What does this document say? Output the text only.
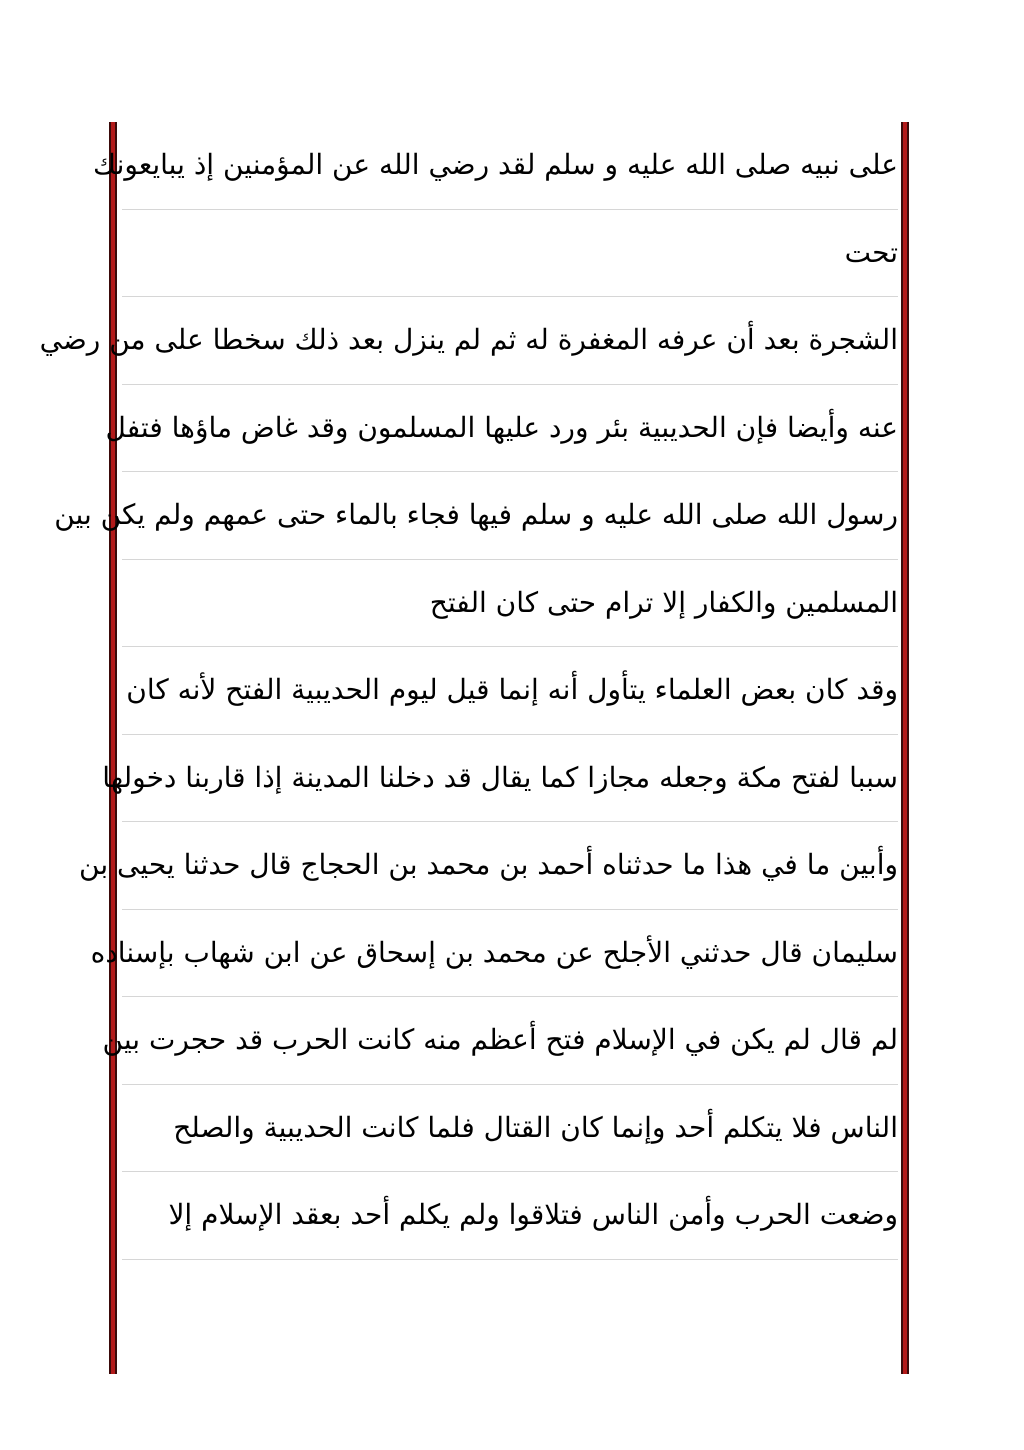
على نبيه صلى الله عليه و سلم لقد رضي الله عن المؤمنين إذ يبايعونك
تحت
الشجرة بعد أن عرفه المغفرة له ثم لم ينزل بعد ذلك سخطا على من رضي
عنه وأيضا فإن الحديبية بئر ورد عليها المسلمون وقد غاض ماؤها فتفل
رسول الله صلى الله عليه و سلم فيها فجاء بالماء حتى عمهم ولم يكن بين
المسلمين والكفار إلا ترام حتى كان الفتح
وقد كان بعض العلماء يتأول أنه إنما قيل ليوم الحديبية الفتح لأنه كان
سببا لفتح مكة وجعله مجازا كما يقال قد دخلنا المدينة إذا قاربنا دخولها
وأبين ما في هذا ما حدثناه أحمد بن محمد بن الحجاج قال حدثنا يحيى بن
سليمان قال حدثني الأجلح عن محمد بن إسحاق عن ابن شهاب بإسناده
لم قال لم يكن في الإسلام فتح أعظم منه كانت الحرب قد حجرت بين
الناس فلا يتكلم أحد وإنما كان القتال فلما كانت الحديبية والصلح
وضعت الحرب وأمن الناس فتلاقوا ولم يكلم أحد بعقد الإسلام إلا
